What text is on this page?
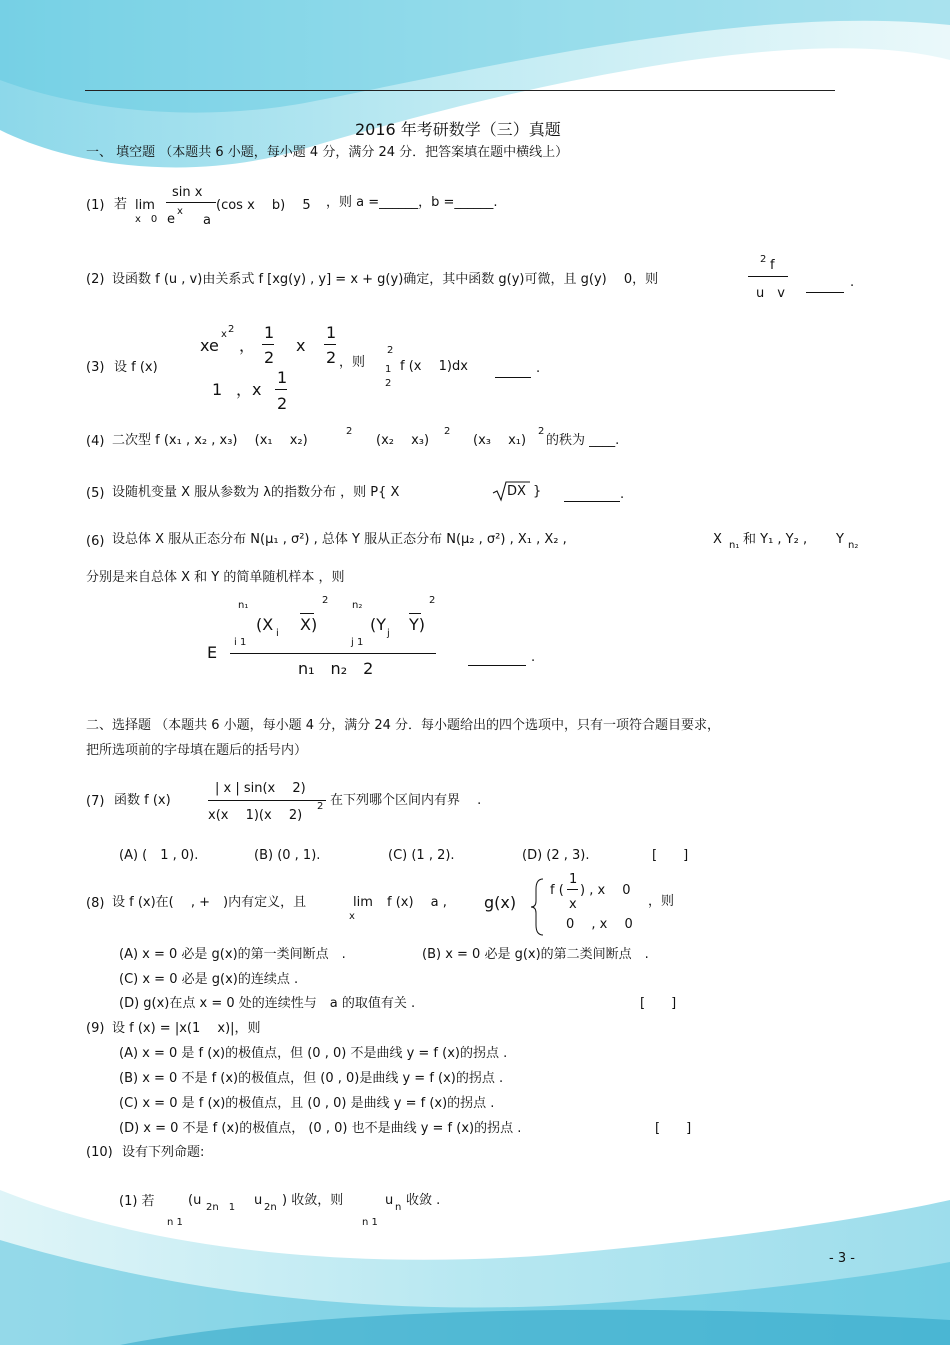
2016 年考研数学（三）真题
一、 填空题 （本题共 6 小题，每小题 4 分，满分 24 分．把答案填在题中横线上）
(1) 若 lim
x　0
sin x
e
x
a
(cos x　 b)　 5 ，则 a =______，b =______.
(2) 设函数 f (u , v)由关系式 f [xg(y) , y] = x + g(y)确定，其中函数 g(y)可微，且 g(y)　 0，则
2 f
u　v
.
(3) 设 f (x)
xe
x 2
，
1
2
x
1
2
1 ，x
1
2
，则
2
1
2
f (x　 1)dx	.
(4) 二次型 f (x₁ , x₂ , x₃)　 (x₁　 x₂)
2
(x₂　 x₃)
2
(x₃　 x₁)
2
的秩为 ____.
(5) 设随机变量 X 服从参数为 λ的指数分布 ，则 P{ X	DX }	.
(6) 设总体 X 服从正态分布 N(μ₁ , σ²) , 总体 Y 服从正态分布 N(μ₂ , σ²) , X₁ , X₂ ,	X n₁ 和 Y₁ , Y₂ , Y n₂
分别是来自总体 X 和 Y 的简单随机样本 ，则
E
n₁
i 1
(X i X)
2 n₂
j 1
(Y j Y)
2
n₁　n₂　2
.
二、选择题 （本题共 6 小题，每小题 4 分，满分 24 分．每小题给出的四个选项中，只有一项符合题目要求，
把所选项前的字母填在题后的括号内）
(7) 函数 f (x)
| x | sin(x　 2)
x(x　 1)(x　 2)
2 在下列哪个区间内有界　 .
(A) (　1 , 0).	(B) (0 , 1).	(C) (1 , 2).	(D) (2 , 3).	[　　]
(8) 设 f (x)在(　 , +　)内有定义，且	lim
x
f (x)　 a , g(x)
f (
1
x
) , x　 0
0　 , x　 0
，则
(A) x = 0 必是 g(x)的第一类间断点　.	(B) x = 0 必是 g(x)的第二类间断点　.
(C) x = 0 必是 g(x)的连续点 .
(D) g(x)在点 x = 0 处的连续性与　a 的取值有关 .	[　　]
(9) 设 f (x) = |x(1　 x)|，则
(A) x = 0 是 f (x)的极值点，但 (0 , 0) 不是曲线 y = f (x)的拐点 .
(B) x = 0 不是 f (x)的极值点，但 (0 , 0)是曲线 y = f (x)的拐点 .
(C) x = 0 是 f (x)的极值点，且 (0 , 0) 是曲线 y = f (x)的拐点 .
(D) x = 0 不是 f (x)的极值点， (0 , 0) 也不是曲线 y = f (x)的拐点 .	[　　]
(10) 设有下列命题:
(1) 若	(u 2n　1 u 2n ) 收敛，则	u n 收敛 .
n 1	n 1
- 3 -
